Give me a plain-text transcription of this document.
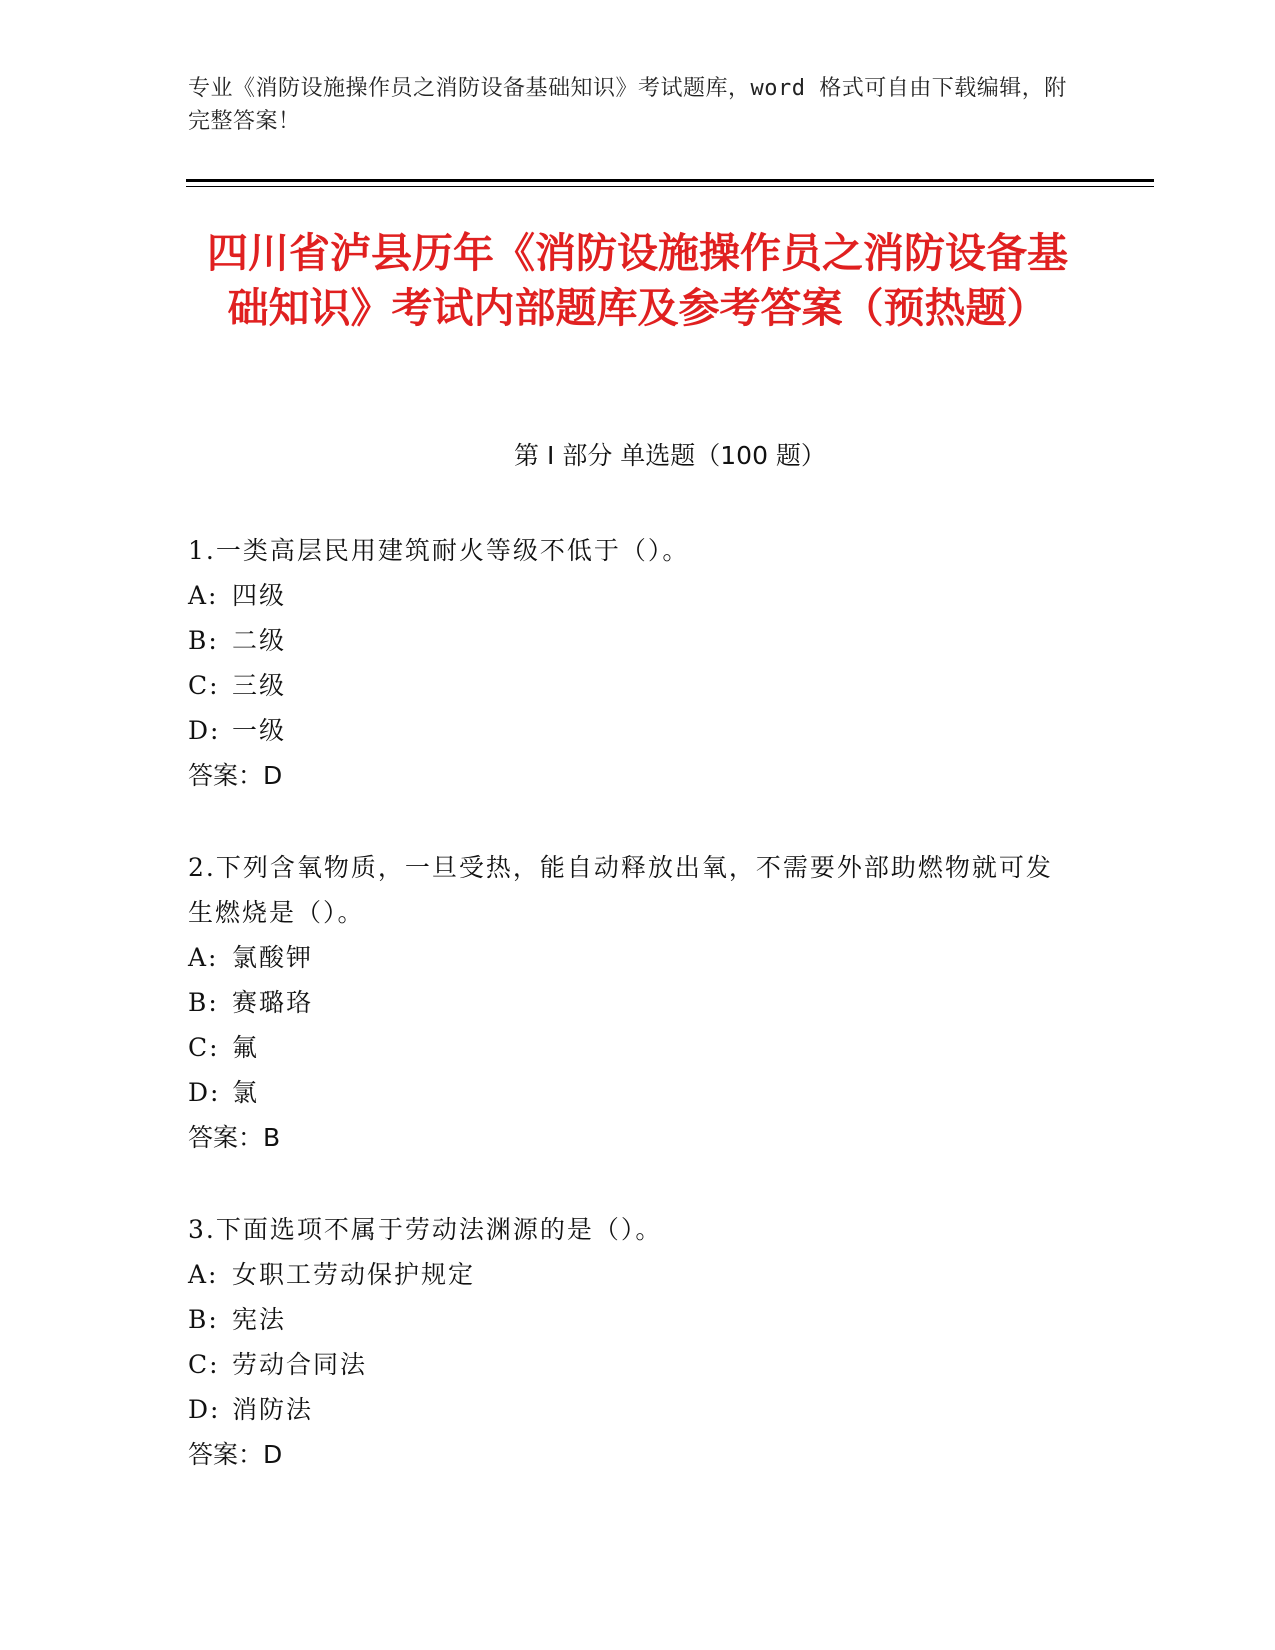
专业《消防设施操作员之消防设备基础知识》考试题库，word 格式可自由下载编辑，附完整答案！
四川省泸县历年《消防设施操作员之消防设备基础知识》考试内部题库及参考答案（预热题）
第 I 部分 单选题（100 题）

1.一类高层民用建筑耐火等级不低于（）。

A: 四级

B: 二级

C: 三级

D: 一级

答案：D

2.下列含氧物质，一旦受热，能自动释放出氧，不需要外部助燃物就可发生燃烧是（）。

A: 氯酸钾

B: 赛璐珞

C: 氟

D: 氯

答案：B

3.下面选项不属于劳动法渊源的是（）。

A: 女职工劳动保护规定

B: 宪法

C: 劳动合同法

D: 消防法

答案：D
